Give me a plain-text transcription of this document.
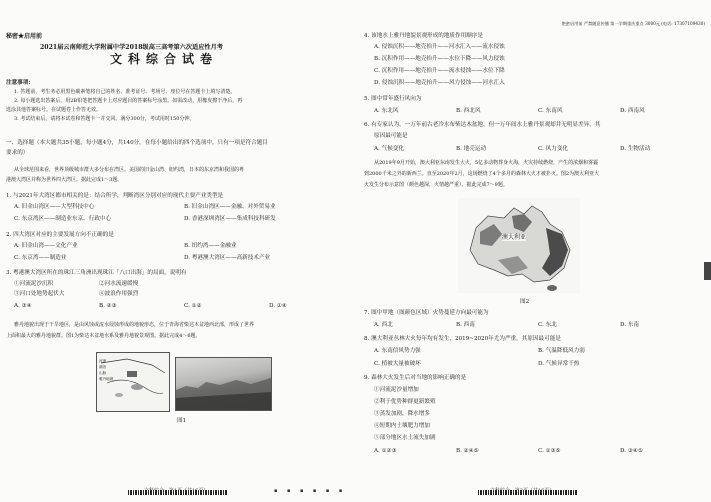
绝密启用前 严禁随意传播 第一学期重庆重点 3000元 (电话: 17307109430)
秘密★启用前
2021届云南师范大学附属中学2018级高三高考第六次适应性月考
文科综合试卷
注意事项:
1. 答题前，考生务必用黑色碳素笔将自己的姓名、准考证号、考场号、座位号在答题卡上填写清楚。
2. 每小题选出答案后，用2B铅笔把答题卡上对应题目的答案标号涂黑。如需改动，用橡皮擦干净后，再
选涂其他答案标号。在试题卷上作答无效。
3. 考试结束后，请将本试卷和答题卡一并交回。满分300分，考试用时150分钟。
一、选择题（本大题共35小题，每小题4分，共140分。在每小题给出的四个选项中，只有一项是符合题目
要求的）
从全球范围来看，世界顶级城市群大多分布在湾区。美国的旧金山湾、纽约湾，日本的东京湾和我国的粤
港澳大湾区并称为世界四大湾区。据此完成1～3题。
1. 与2021年大湾区都市相关的是：结合所学，判断湾区分别对应的现代主要产业类型是
A. 旧金山湾区——大型科技中心	B. 旧金山湾区——金融、对外贸易业
C. 东京湾区——制造业东京、行政中心	D. 香港深圳湾区——集成科技科研发
2. 四大湾区对应的主要发展方向不正确的是
A. 旧金山湾——文化产业	B. 纽约湾——金融业
C. 东京湾——制造业	D. 粤港澳大湾区——高新技术产业
3. 粤港澳大湾区所在的珠江三角洲出现珠江「八口出海」的局面，说明有
①河流泥沙沉积	②河水流速缓慢
③河口处地势起伏大	④波浪作用强烈
A. ③④	B. ②③	C. ①②	D. ①④
雅丹地貌出现于干旱地区，是由风蚀或流水侵蚀形成的地貌形态，位于青海省柴达木盆地西北部，形成了世界
上面积最大的雅丹地貌群。图1为柴达木盆地水系及雅丹地貌景观图。据此完成4～6题。
河流
湖泊
山脉
雅丹地貌
图1
▪ ▪ ▪ ▪ ▪ ▪
4. 该地水上雅丹地貌景观形成的地质作用顺序是
A. 侵蚀沉积——地壳抬升——河水汇入——流水侵蚀
B. 沉积作用——地壳抬升——水位下降——风力侵蚀
C. 沉积作用——地壳抬升——流水侵蚀——水位下降
D. 侵蚀沉积——地壳抬升——风力侵蚀——河水汇入
5. 图中常年盛行风向为
A. 东北风	B. 西北风	C. 东南风	D. 西南风
6. 有专家认为，一万年前古老冷水布柴达木盆地，但一万年间水上雅丹景观却并无明显差异，其
原因最可能是
A. 气候变化	B. 地壳运动	C. 风力变化	D. 生物活动
从2019年9月开始，澳大利亚东南发生大火，5亿多动物葬身火海，火灾持续燃烧，产生的浓烟和雾霾
到2000千米之外的新西兰。直至2020年2月，这场燃烧了4个多月的森林大火才被扑灭。图2为澳大利亚大
火发生分布示意图（颜色越深，火情越严重）。据此完成7～9题。
澳大利亚
图2
7. 图中甲地（图颜色区域）火势蔓延方向最可能为
A. 西北	B. 西南	C. 东北	D. 东南
8. 澳大利亚丛林大火每年均有发生，2019~2020年尤为严重，其原因最可能是
A. 东南信风势力强	B. 气温降低风力弱
C. 植被大量被破坏	D. 气候异常干热
9. 森林大火发生后对当地的影响正确的是
①河流泥沙量增加
②利于优势种群更新繁殖
③蒸发加剧，降水增多
④短期内土壤肥力增加
⑤部分地区水土流失加剧
A. ①②③	B. ②④⑤	C. ①③⑤	D. ③④⑤
